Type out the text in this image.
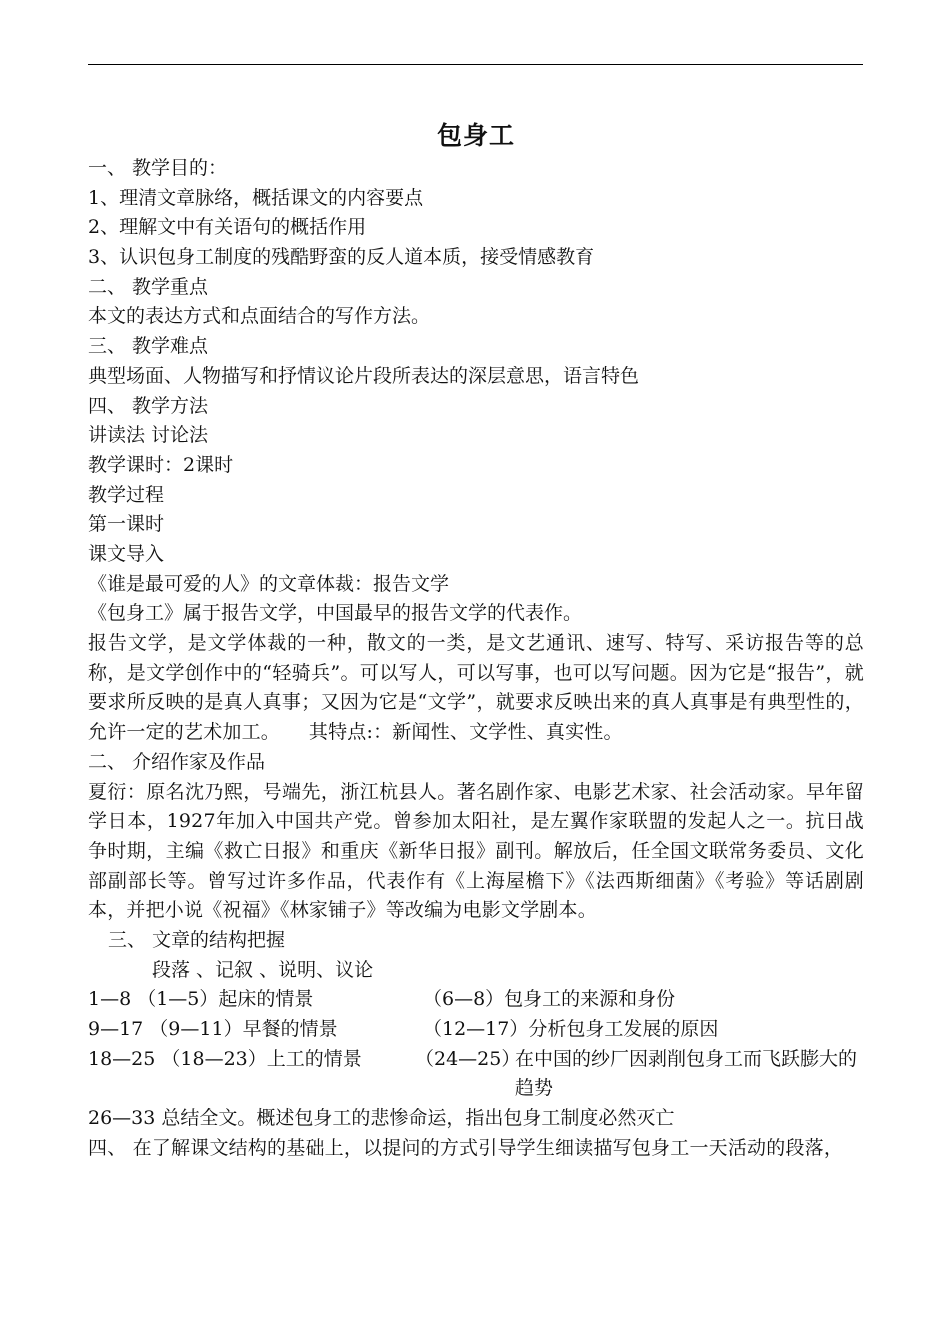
包身工
一、 教学目的：
1、理清文章脉络，概括课文的内容要点
2、理解文中有关语句的概括作用
3、认识包身工制度的残酷野蛮的反人道本质，接受情感教育
二、 教学重点
本文的表达方式和点面结合的写作方法。
三、 教学难点
典型场面、人物描写和抒情议论片段所表达的深层意思，语言特色
四、 教学方法
讲读法 讨论法
教学课时：2课时
教学过程
第一课时
课文导入
《谁是最可爱的人》的文章体裁：报告文学
《包身工》属于报告文学，中国最早的报告文学的代表作。
报告文学，是文学体裁的一种，散文的一类，是文艺通讯、速写、特写、采访报告等的总称，是文学创作中的“轻骑兵”。可以写人，可以写事，也可以写问题。因为它是“报告”，就要求所反映的是真人真事；又因为它是“文学”，就要求反映出来的真人真事是有典型性的，允许一定的艺术加工。　　其特点:：新闻性、文学性、真实性。
二、 介绍作家及作品
夏衍：原名沈乃熙，号端先，浙江杭县人。著名剧作家、电影艺术家、社会活动家。早年留学日本，1927年加入中国共产党。曾参加太阳社，是左翼作家联盟的发起人之一。抗日战争时期，主编《救亡日报》和重庆《新华日报》副刊。解放后，任全国文联常务委员、文化部副部长等。曾写过许多作品，代表作有《上海屋檐下》《法西斯细菌》《考验》等话剧剧本，并把小说《祝福》《林家铺子》等改编为电影文学剧本。
三、 文章的结构把握
段落 、记叙 、说明、议论
1—8 （1—5）起床的情景	（6—8）包身工的来源和身份
9—17 （9—11）早餐的情景	（12—17）分析包身工发展的原因
18—25 （18—23）上工的情景	（24—25）
在中国的纱厂因剥削包身工而飞跃膨大的趋势
26—33 总结全文。概述包身工的悲惨命运，指出包身工制度必然灭亡
四、 在了解课文结构的基础上，以提问的方式引导学生细读描写包身工一天活动的段落，
